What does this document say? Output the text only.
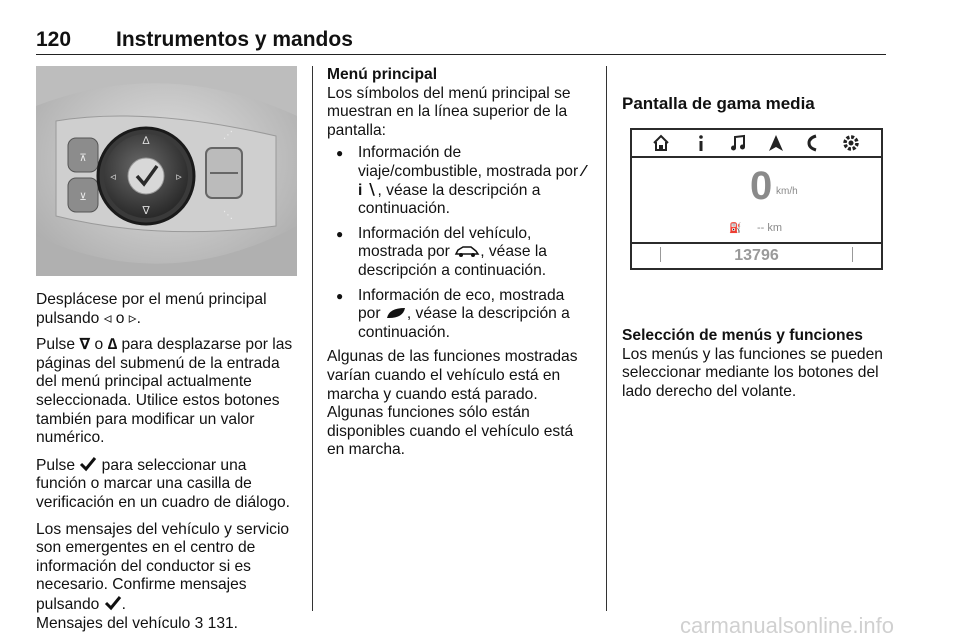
120 Instrumentos y mandos
⊼
⊻
∆
∇
◃	▹
⋰
⋱

Desplácese por el menú principal pulsando ◃ o ▹.

Pulse ∇ o ∆ para desplazarse por las páginas del submenú de la entrada del menú principal actualmente seleccionada. Utilice estos botones también para modificar un valor numérico.

Pulse  para seleccionar una función o marcar una casilla de verificación en un cuadro de diálogo.

Los mensajes del vehículo y servicio son emergentes en el centro de información del conductor si es necesario. Confirme mensajes pulsando .
Mensajes del vehículo 3 131.

Menú principal
Los símbolos del menú principal se muestran en la línea superior de la pantalla:
● Información de viaje/combustible, mostrada por ⁄ i ∖, véase la descripción a continuación.
● Información del vehículo, mostrada por , véase la descripción a continuación.
● Información de eco, mostrada por , véase la descripción a continuación.
Algunas de las funciones mostradas varían cuando el vehículo está en marcha y cuando está parado. Algunas funciones sólo están disponibles cuando el vehículo está en marcha.
Pantalla de gama media
0 km/h
⛽ -- km
13796
Selección de menús y funciones
Los menús y las funciones se pueden seleccionar mediante los botones del lado derecho del volante.
carmanualsonline.info
